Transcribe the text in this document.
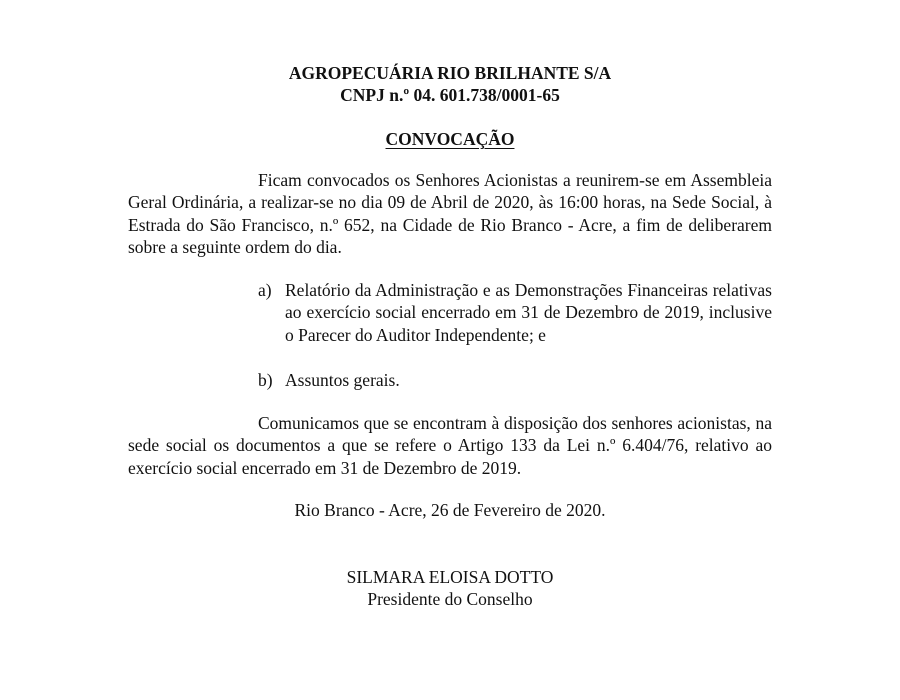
AGROPECUÁRIA RIO BRILHANTE S/A
CNPJ n.º 04. 601.738/0001-65
CONVOCAÇÃO

Ficam convocados os Senhores Acionistas a reunirem-se em Assembleia Geral Ordinária, a realizar-se no dia 09 de Abril de 2020, às 16:00 horas, na Sede Social, à Estrada do São Francisco, n.º 652, na Cidade de Rio Branco - Acre, a fim de deliberarem sobre a seguinte ordem do dia.

a) Relatório da Administração e as Demonstrações Financeiras relativas ao exercício social encerrado em 31 de Dezembro de 2019, inclusive o Parecer do Auditor Independente; e
b) Assuntos gerais.

Comunicamos que se encontram à disposição dos senhores acionistas, na sede social os documentos a que se refere o Artigo 133 da Lei n.º 6.404/76, relativo ao exercício social encerrado em 31 de Dezembro de 2019.

Rio Branco - Acre, 26 de Fevereiro de 2020.
SILMARA ELOISA DOTTO
Presidente do Conselho
